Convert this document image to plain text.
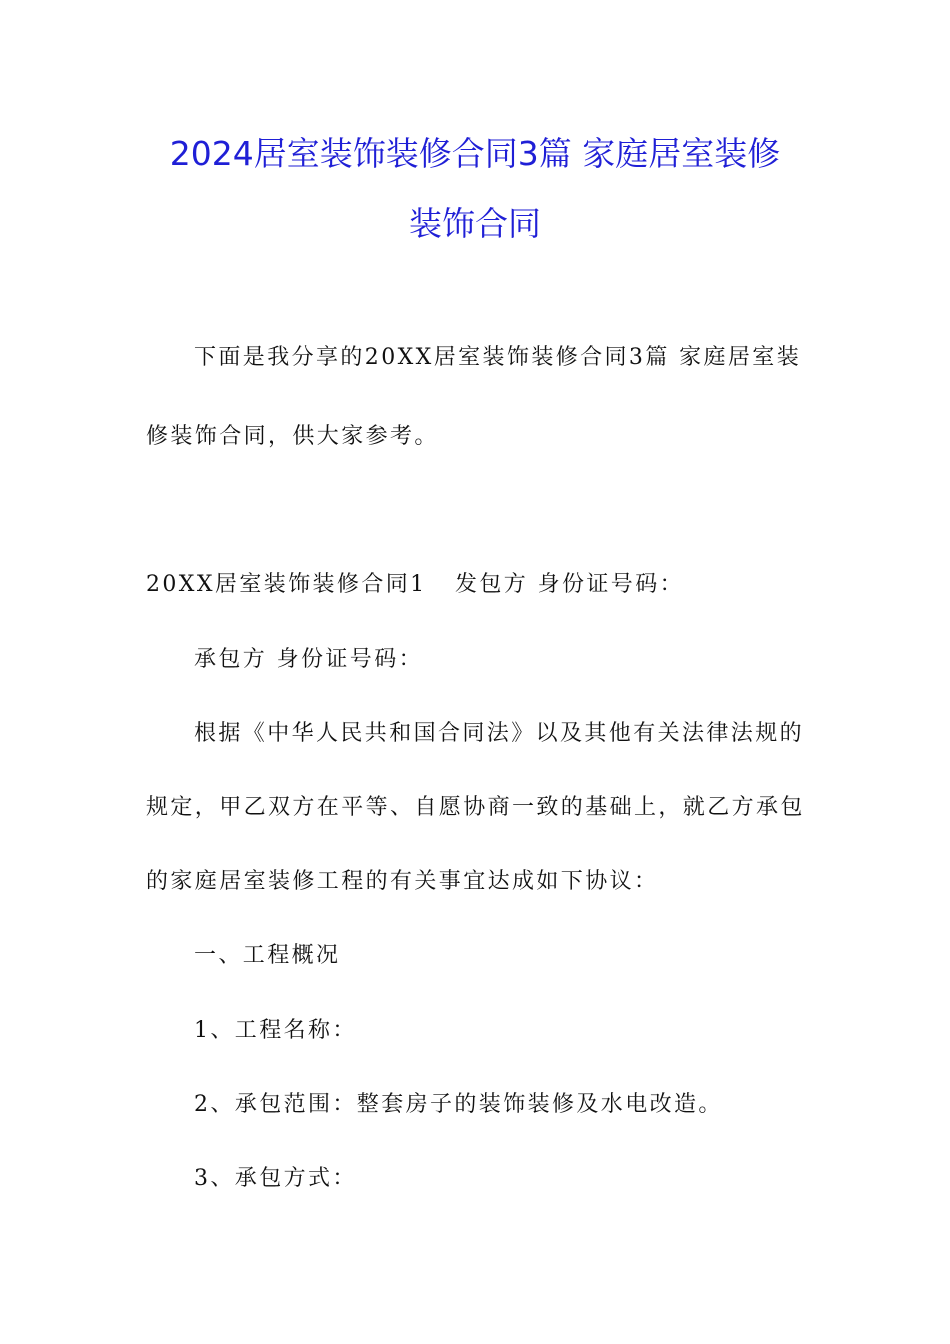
2024居室装饰装修合同3篇 家庭居室装修
装饰合同
下面是我分享的20XX居室装饰装修合同3篇 家庭居室装
修装饰合同，供大家参考。
20XX居室装饰装修合同1 发包方 身份证号码：
承包方 身份证号码：
根据《中华人民共和国合同法》以及其他有关法律法规的
规定，甲乙双方在平等、自愿协商一致的基础上，就乙方承包
的家庭居室装修工程的有关事宜达成如下协议：
一、工程概况
1、工程名称：
2、承包范围：整套房子的装饰装修及水电改造。
3、承包方式：
